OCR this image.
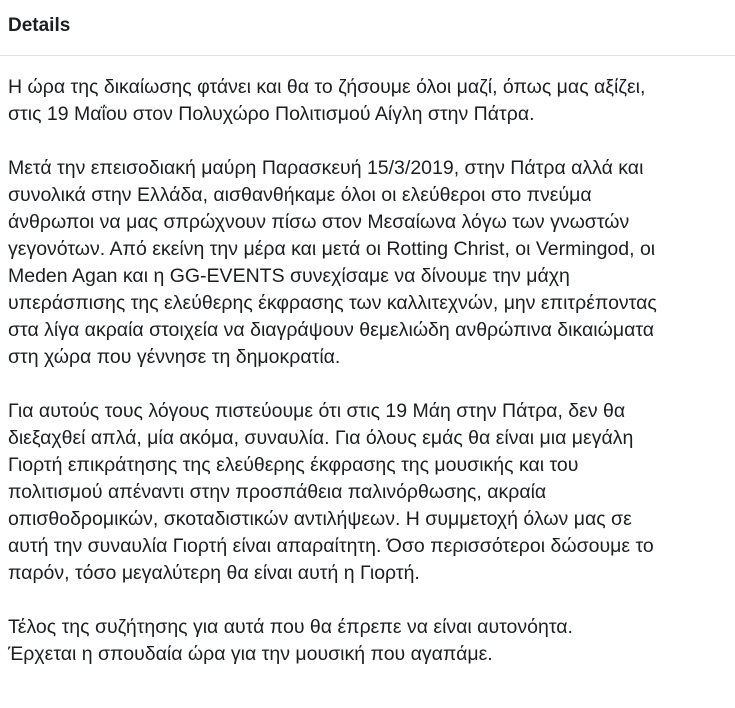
Details

Η ώρα της δικαίωσης φτάνει και θα το ζήσουμε όλοι μαζί, όπως μας αξίζει,
στις 19 Μαΐου στον Πολυχώρο Πολιτισμού Αίγλη στην Πάτρα.

Μετά την επεισοδιακή μαύρη Παρασκευή 15/3/2019, στην Πάτρα αλλά και
συνολικά στην Ελλάδα, αισθανθήκαμε όλοι οι ελεύθεροι στο πνεύμα
άνθρωποι να μας σπρώχνουν πίσω στον Μεσαίωνα λόγω των γνωστών
γεγονότων. Από εκείνη την μέρα και μετά οι Rotting Christ, οι Vermingod, οι
Meden Agan και η GG-EVENTS συνεχίσαμε να δίνουμε την μάχη
υπεράσπισης της ελεύθερης έκφρασης των καλλιτεχνών, μην επιτρέποντας
στα λίγα ακραία στοιχεία να διαγράψουν θεμελιώδη ανθρώπινα δικαιώματα
στη χώρα που γέννησε τη δημοκρατία.

Για αυτούς τους λόγους πιστεύουμε ότι στις 19 Μάη στην Πάτρα, δεν θα
διεξαχθεί απλά, μία ακόμα, συναυλία. Για όλους εμάς θα είναι μια μεγάλη
Γιορτή επικράτησης της ελεύθερης έκφρασης της μουσικής και του
πολιτισμού απέναντι στην προσπάθεια παλινόρθωσης, ακραία
οπισθοδρομικών, σκοταδιστικών αντιλήψεων. Η συμμετοχή όλων μας σε
αυτή την συναυλία Γιορτή είναι απαραίτητη. Όσο περισσότεροι δώσουμε το
παρόν, τόσο μεγαλύτερη θα είναι αυτή η Γιορτή.

Τέλος της συζήτησης για αυτά που θα έπρεπε να είναι αυτονόητα.
Έρχεται η σπουδαία ώρα για την μουσική που αγαπάμε.
